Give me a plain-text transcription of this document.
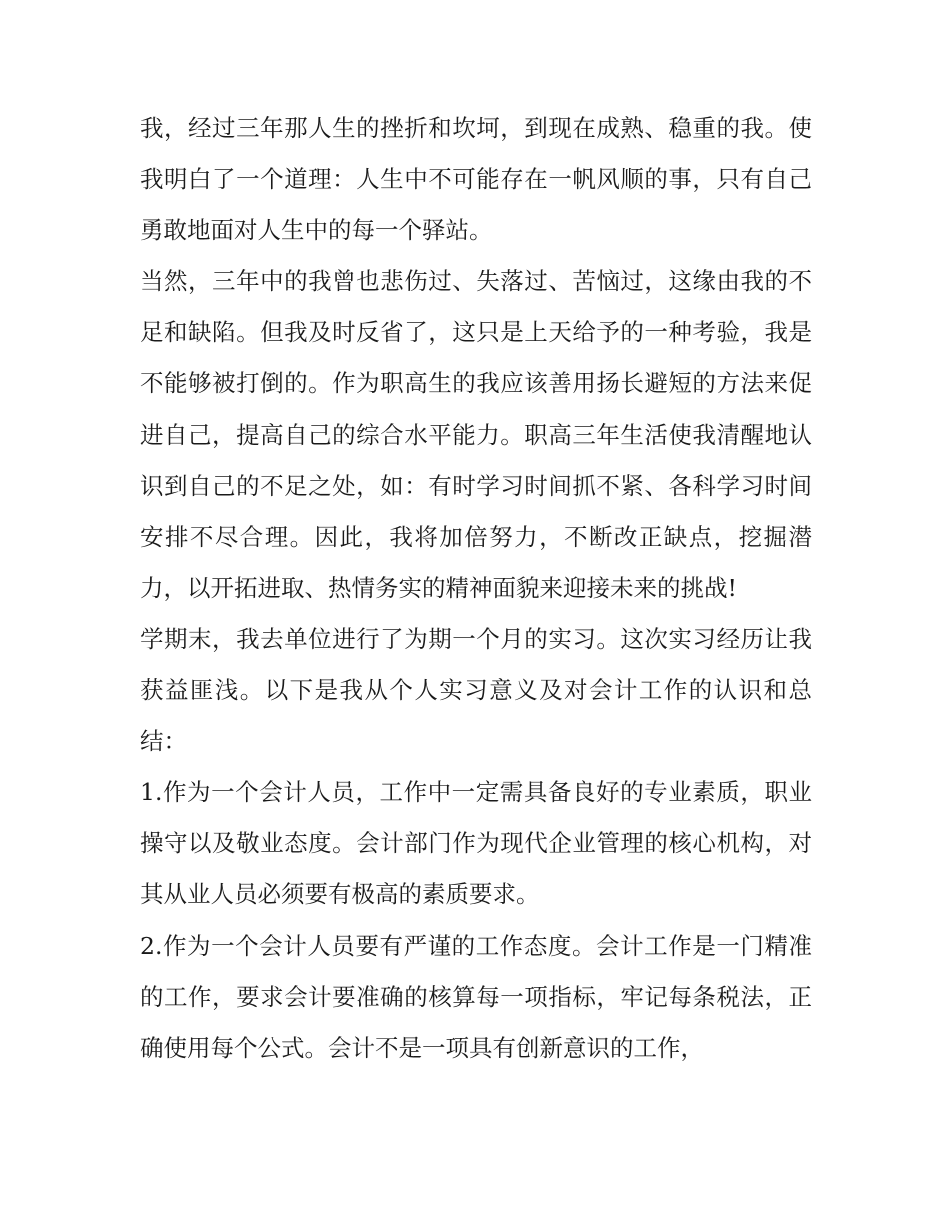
我，经过三年那人生的挫折和坎坷，到现在成熟、稳重的我。使我明白了一个道理：人生中不可能存在一帆风顺的事，只有自己勇敢地面对人生中的每一个驿站。

当然，三年中的我曾也悲伤过、失落过、苦恼过，这缘由我的不足和缺陷。但我及时反省了，这只是上天给予的一种考验，我是不能够被打倒的。作为职高生的我应该善用扬长避短的方法来促进自己，提高自己的综合水平能力。职高三年生活使我清醒地认识到自己的不足之处，如：有时学习时间抓不紧、各科学习时间安排不尽合理。因此，我将加倍努力，不断改正缺点，挖掘潜力，以开拓进取、热情务实的精神面貌来迎接未来的挑战!

学期末，我去单位进行了为期一个月的实习。这次实习经历让我获益匪浅。以下是我从个人实习意义及对会计工作的认识和总结：

1.作为一个会计人员，工作中一定需具备良好的专业素质，职业操守以及敬业态度。会计部门作为现代企业管理的核心机构，对其从业人员必须要有极高的素质要求。

2.作为一个会计人员要有严谨的工作态度。会计工作是一门精准的工作，要求会计要准确的核算每一项指标，牢记每条税法，正确使用每个公式。会计不是一项具有创新意识的工作，
